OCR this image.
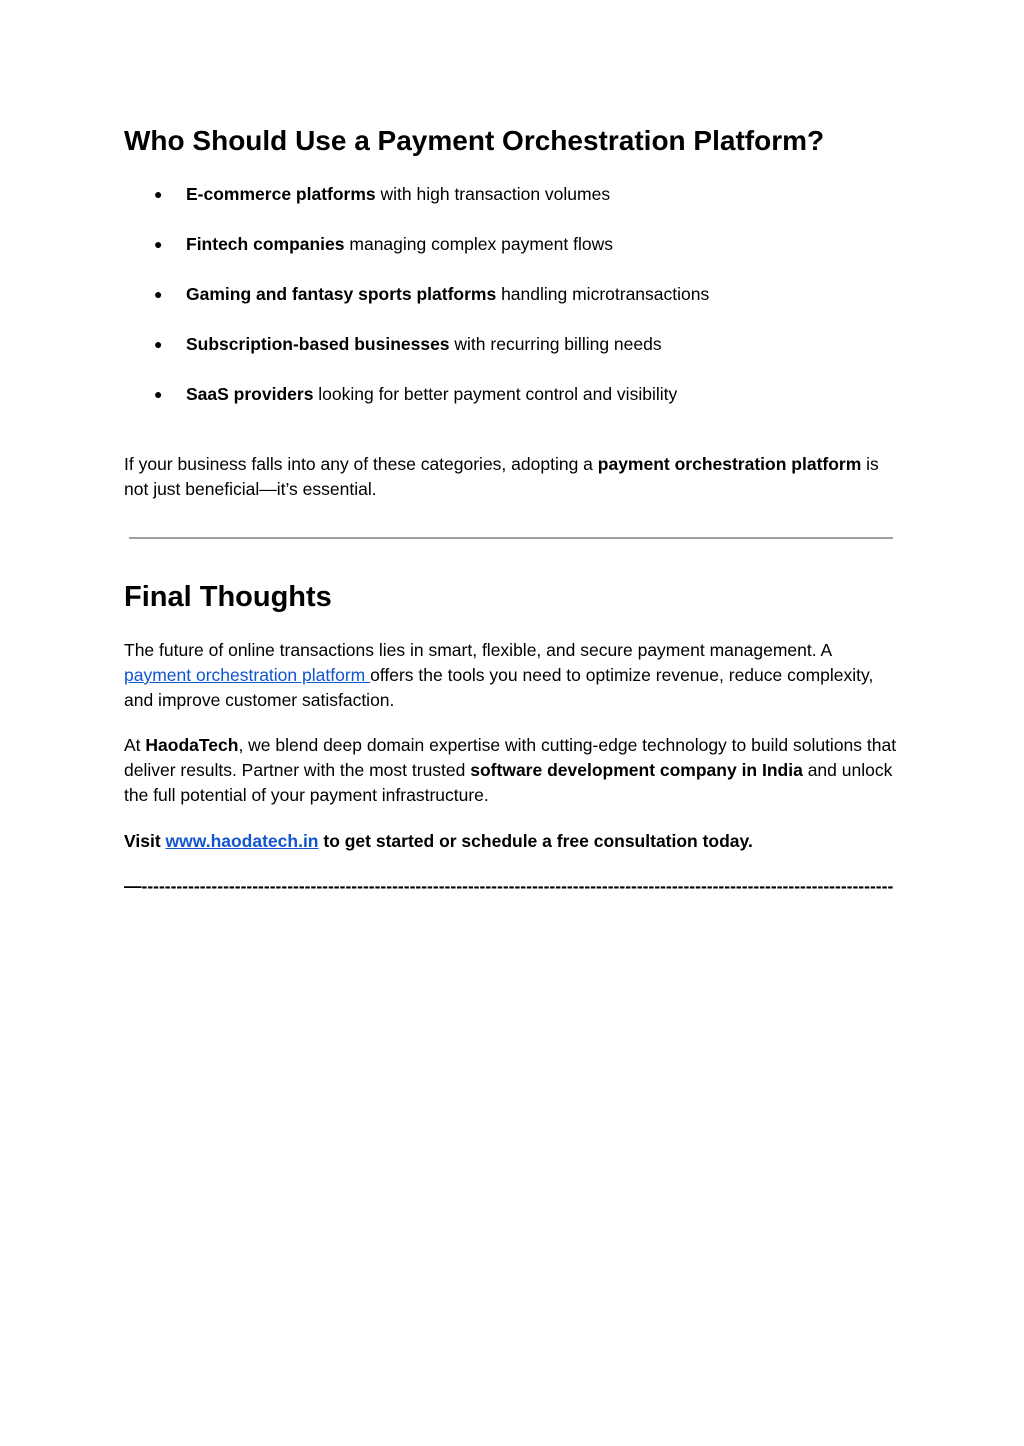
Who Should Use a Payment Orchestration Platform?
● E-commerce platforms with high transaction volumes
● Fintech companies managing complex payment flows
● Gaming and fantasy sports platforms handling microtransactions
● Subscription-based businesses with recurring billing needs
● SaaS providers looking for better payment control and visibility

If your business falls into any of these categories, adopting a payment orchestration platform is not just beneficial—it’s essential.

Final Thoughts

The future of online transactions lies in smart, flexible, and secure payment management. A payment orchestration platform offers the tools you need to optimize revenue, reduce complexity, and improve customer satisfaction.

At HaodaTech, we blend deep domain expertise with cutting-edge technology to build solutions that deliver results. Partner with the most trusted software development company in India and unlock the full potential of your payment infrastructure.

Visit www.haodatech.in to get started or schedule a free consultation today.

—---------------------------------------------------------------------------------------------------------------------------------
